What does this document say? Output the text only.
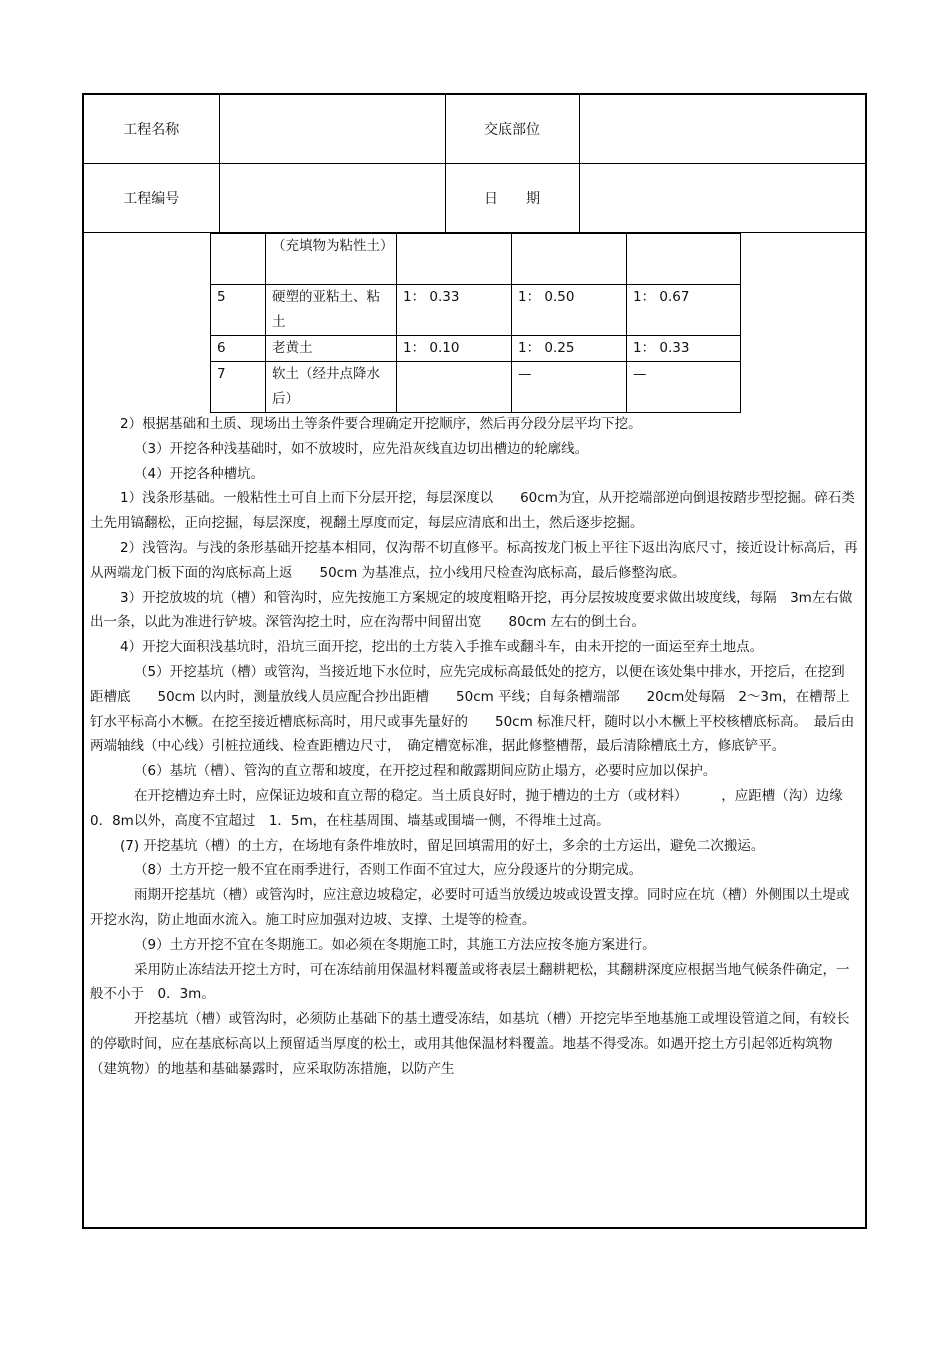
工程名称		交底部位	
工程编号		日　　期	
	（充填物为粘性土）			
5	硬塑的亚粘土、粘土	1： 0.33	1： 0.50	1： 0.67
6	老黄土	1： 0.10	1： 0.25	1： 0.33
7	软土（经井点降水后）		—	—

2）根据基础和土质、现场出土等条件要合理确定开挖顺序，然后再分段分层平均下挖。

（3）开挖各种浅基础时，如不放坡时，应先沿灰线直边切出槽边的轮廓线。

（4）开挖各种槽坑。

1）浅条形基础。一般粘性土可自上而下分层开挖，每层深度以　　60cm为宜，从开挖端部逆向倒退按踏步型挖掘。碎石类土先用镐翻松，正向挖掘，每层深度，视翻土厚度而定，每层应清底和出土，然后逐步挖掘。

2）浅管沟。与浅的条形基础开挖基本相同，仅沟帮不切直修平。标高按龙门板上平往下返出沟底尺寸，接近设计标高后，再从两端龙门板下面的沟底标高上返　　50cm 为基准点，拉小线用尺检查沟底标高，最后修整沟底。

3）开挖放坡的坑（槽）和管沟时，应先按施工方案规定的坡度粗略开挖，再分层按坡度要求做出坡度线，每隔　3m左右做出一条，以此为准进行铲坡。深管沟挖土时，应在沟帮中间留出宽　　80cm 左右的倒土台。

4）开挖大面积浅基坑时，沿坑三面开挖，挖出的土方装入手推车或翻斗车，由未开挖的一面运至弃土地点。

（5）开挖基坑（槽）或管沟，当接近地下水位时，应先完成标高最低处的挖方，以便在该处集中排水，开挖后，在挖到距槽底　　50cm 以内时，测量放线人员应配合抄出距槽　　50cm 平线；自每条槽端部　　20cm处每隔　2～3m，在槽帮上钉水平标高小木橛。在挖至接近槽底标高时，用尺或事先量好的　　50cm 标准尺杆，随时以小木橛上平校核槽底标高。　最后由两端轴线（中心线）引桩拉通线、检查距槽边尺寸，　确定槽宽标准，据此修整槽帮，最后清除槽底土方，修底铲平。

（6）基坑（槽）、管沟的直立帮和坡度，在开挖过程和敞露期间应防止塌方，必要时应加以保护。

在开挖槽边弃土时，应保证边坡和直立帮的稳定。当土质良好时，抛于槽边的土方（或材料）　　　，应距槽（沟）边缘　0．8m以外，高度不宜超过　1．5m，在柱基周围、墙基或围墙一侧，不得堆土过高。

(7) 开挖基坑（槽）的土方，在场地有条件堆放时，留足回填需用的好土，多余的土方运出，避免二次搬运。

（8）土方开挖一般不宜在雨季进行，否则工作面不宜过大，应分段逐片的分期完成。

雨期开挖基坑（槽）或管沟时，应注意边坡稳定，必要时可适当放缓边坡或设置支撑。同时应在坑（槽）外侧围以土堤或开挖水沟，防止地面水流入。施工时应加强对边坡、支撑、土堤等的检查。

（9）土方开挖不宜在冬期施工。如必须在冬期施工时，其施工方法应按冬施方案进行。

采用防止冻结法开挖土方时，可在冻结前用保温材料覆盖或将表层土翻耕耙松，其翻耕深度应根据当地气候条件确定，一般不小于　0．3m。

开挖基坑（槽）或管沟时，必须防止基础下的基土遭受冻结，如基坑（槽）开挖完毕至地基施工或埋设管道之间，有较长的停歇时间，应在基底标高以上预留适当厚度的松土，或用其他保温材料覆盖。地基不得受冻。如遇开挖土方引起邻近构筑物（建筑物）的地基和基础暴露时，应采取防冻措施，以防产生
